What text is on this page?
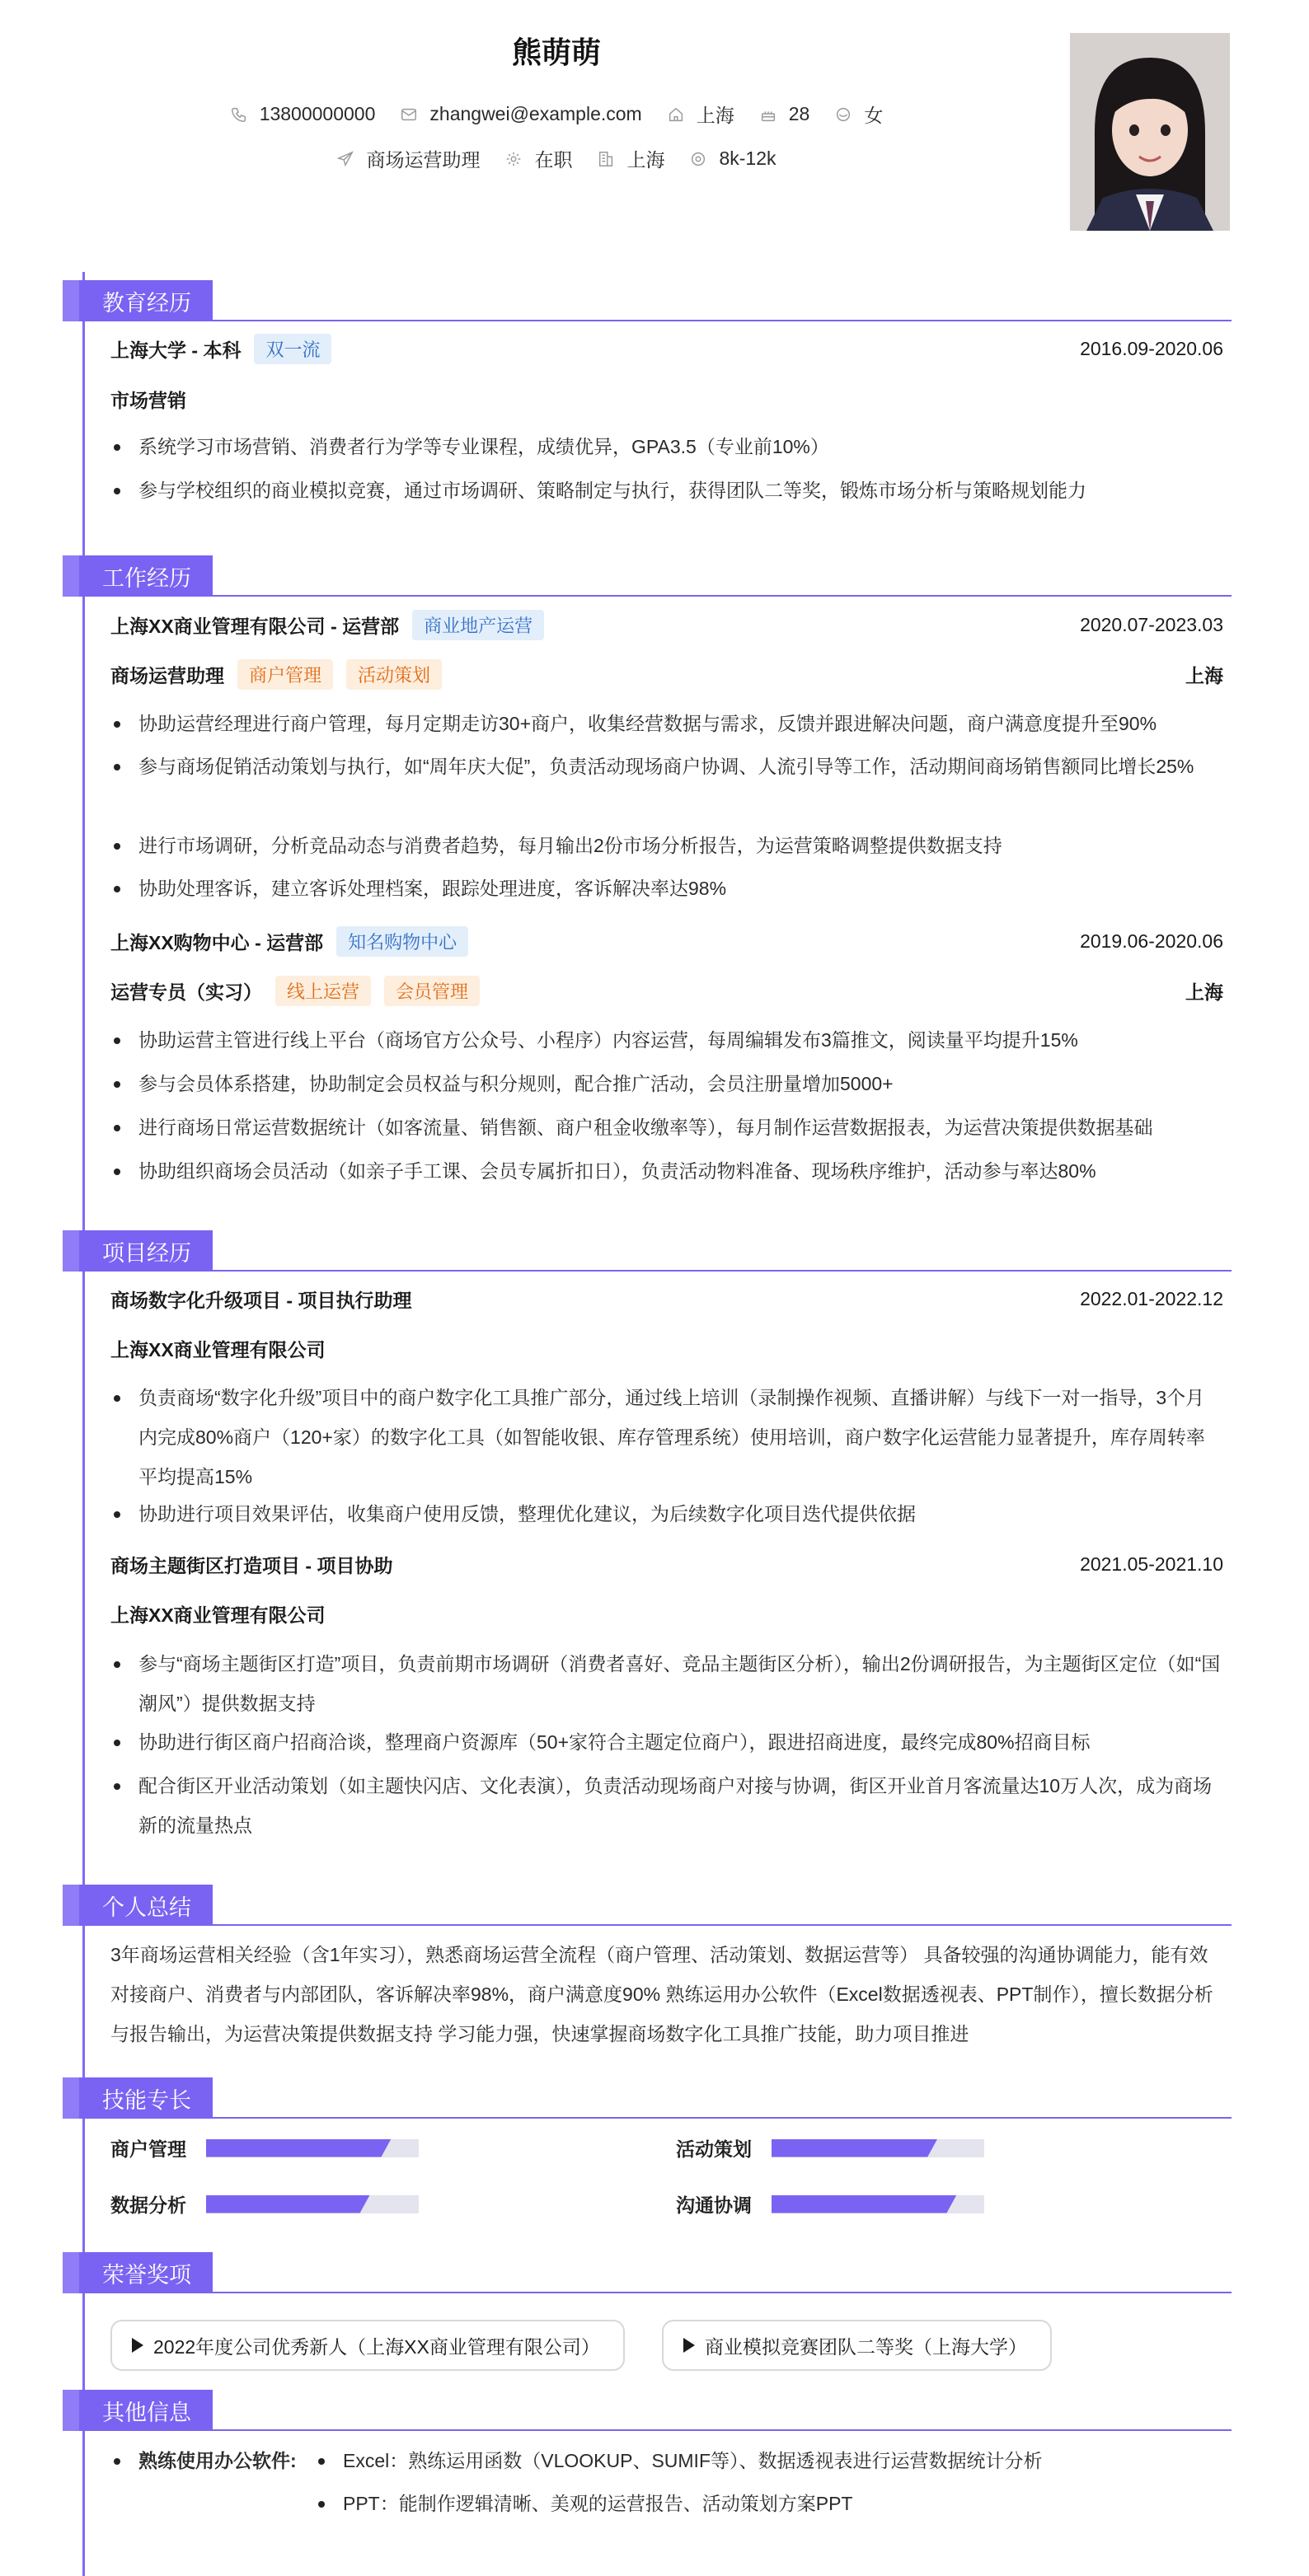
熊萌萌
13800000000	zhangwei@example.com	上海	28	女
商场运营助理	在职	上海	8k-12k
教育经历
上海大学 - 本科	双一流	2016.09-2020.06
市场营销
系统学习市场营销、消费者行为学等专业课程，成绩优异，GPA3.5（专业前10%）
参与学校组织的商业模拟竞赛，通过市场调研、策略制定与执行，获得团队二等奖，锻炼市场分析与策略规划能力
工作经历
上海XX商业管理有限公司 - 运营部	商业地产运营	2020.07-2023.03
商场运营助理	商户管理	活动策划	上海
协助运营经理进行商户管理，每月定期走访30+商户，收集经营数据与需求，反馈并跟进解决问题，商户满意度提升至90%
参与商场促销活动策划与执行，如“周年庆大促”，负责活动现场商户协调、人流引导等工作，活动期间商场销售额同比增长25%
进行市场调研，分析竞品动态与消费者趋势，每月输出2份市场分析报告，为运营策略调整提供数据支持
协助处理客诉，建立客诉处理档案，跟踪处理进度，客诉解决率达98%
上海XX购物中心 - 运营部	知名购物中心	2019.06-2020.06
运营专员（实习）	线上运营	会员管理	上海
协助运营主管进行线上平台（商场官方公众号、小程序）内容运营，每周编辑发布3篇推文，阅读量平均提升15%
参与会员体系搭建，协助制定会员权益与积分规则，配合推广活动，会员注册量增加5000+
进行商场日常运营数据统计（如客流量、销售额、商户租金收缴率等），每月制作运营数据报表，为运营决策提供数据基础
协助组织商场会员活动（如亲子手工课、会员专属折扣日），负责活动物料准备、现场秩序维护，活动参与率达80%
项目经历
商场数字化升级项目 - 项目执行助理	2022.01-2022.12
上海XX商业管理有限公司
负责商场“数字化升级”项目中的商户数字化工具推广部分，通过线上培训（录制操作视频、直播讲解）与线下一对一指导，3个月内完成80%商户（120+家）的数字化工具（如智能收银、库存管理系统）使用培训，商户数字化运营能力显著提升，库存周转率平均提高15%
协助进行项目效果评估，收集商户使用反馈，整理优化建议，为后续数字化项目迭代提供依据
商场主题街区打造项目 - 项目协助	2021.05-2021.10
上海XX商业管理有限公司
参与“商场主题街区打造”项目，负责前期市场调研（消费者喜好、竞品主题街区分析），输出2份调研报告，为主题街区定位（如“国潮风”）提供数据支持
协助进行街区商户招商洽谈，整理商户资源库（50+家符合主题定位商户），跟进招商进度，最终完成80%招商目标
配合街区开业活动策划（如主题快闪店、文化表演），负责活动现场商户对接与协调，街区开业首月客流量达10万人次，成为商场新的流量热点
个人总结
3年商场运营相关经验（含1年实习），熟悉商场运营全流程（商户管理、活动策划、数据运营等） 具备较强的沟通协调能力，能有效对接商户、消费者与内部团队，客诉解决率98%，商户满意度90% 熟练运用办公软件（Excel数据透视表、PPT制作），擅长数据分析与报告输出，为运营决策提供数据支持 学习能力强，快速掌握商场数字化工具推广技能，助力项目推进
技能专长
商户管理	活动策划
数据分析	沟通协调
荣誉奖项
2022年度公司优秀新人（上海XX商业管理有限公司）	商业模拟竞赛团队二等奖（上海大学）
其他信息
熟练使用办公软件:	Excel：熟练运用函数（VLOOKUP、SUMIF等）、数据透视表进行运营数据统计分析
PPT：能制作逻辑清晰、美观的运营报告、活动策划方案PPT
